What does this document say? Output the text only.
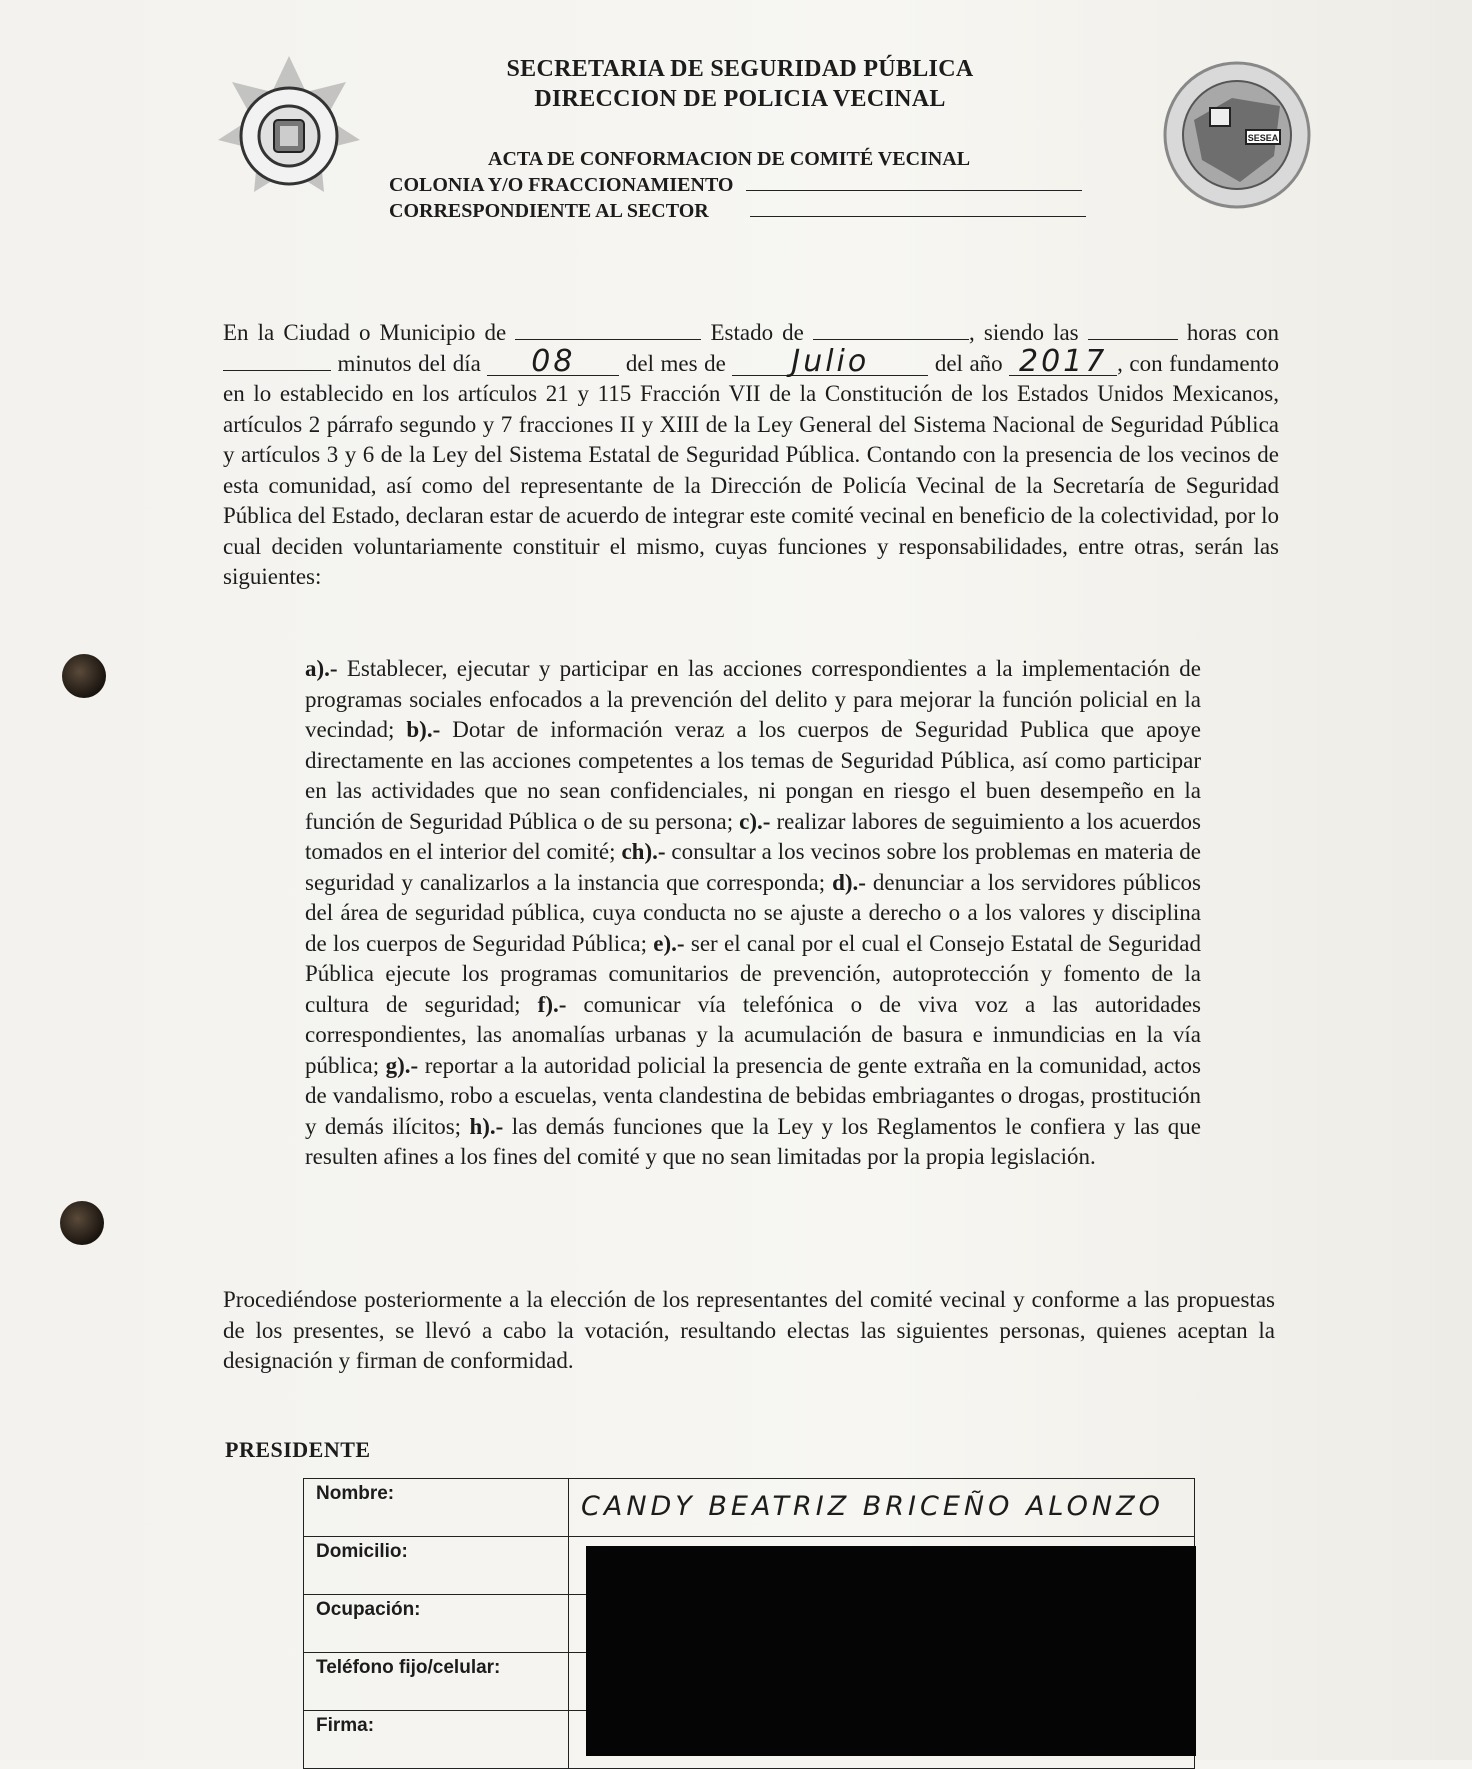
SESEA
SECRETARIA DE SEGURIDAD PÚBLICA
DIRECCION DE POLICIA VECINAL
ACTA DE CONFORMACION DE COMITÉ VECINAL
COLONIA Y/O FRACCIONAMIENTO
CORRESPONDIENTE AL SECTOR
En la Ciudad o Municipio de	Estado de	, siendo las	horas con  minutos del día 08 del mes de Julio	del año 2017 , con fundamento en lo establecido en los artículos 21 y 115 Fracción VII de la Constitución de los Estados Unidos Mexicanos, artículos 2 párrafo segundo y 7 fracciones II y XIII de la Ley General del Sistema Nacional de Seguridad Pública y artículos 3 y 6 de la Ley del Sistema Estatal de Seguridad Pública. Contando con la presencia de los vecinos de esta comunidad, así como del representante de la Dirección de Policía Vecinal de la Secretaría de Seguridad Pública del Estado, declaran estar de acuerdo de integrar este comité vecinal en beneficio de la colectividad, por lo cual deciden voluntariamente constituir el mismo, cuyas funciones y responsabilidades, entre otras, serán las siguientes:
a).- Establecer, ejecutar y participar en las acciones correspondientes a la implementación de programas sociales enfocados a la prevención del delito y para mejorar la función policial en la vecindad; b).- Dotar de información veraz a los cuerpos de Seguridad Publica que apoye directamente en las acciones competentes a los temas de Seguridad Pública, así como participar en las actividades que no sean confidenciales, ni pongan en riesgo el buen desempeño en la función de Seguridad Pública o de su persona; c).- realizar labores de seguimiento a los acuerdos tomados en el interior del comité; ch).- consultar a los vecinos sobre los problemas en materia de seguridad y canalizarlos a la instancia que corresponda; d).- denunciar a los servidores públicos del área de seguridad pública, cuya conducta no se ajuste a derecho o a los valores y disciplina de los cuerpos de Seguridad Pública; e).- ser el canal por el cual el Consejo Estatal de Seguridad Pública ejecute los programas comunitarios de prevención, autoprotección y fomento de la cultura de seguridad; f).- comunicar vía telefónica o de viva voz a las autoridades correspondientes, las anomalías urbanas y la acumulación de basura e inmundicias en la vía pública; g).- reportar a la autoridad policial la presencia de gente extraña en la comunidad, actos de vandalismo, robo a escuelas, venta clandestina de bebidas embriagantes o drogas, prostitución y demás ilícitos; h).- las demás funciones que la Ley y los Reglamentos le confiera y las que resulten afines a los fines del comité y que no sean limitadas por la propia legislación.
Procediéndose posteriormente a la elección de los representantes del comité vecinal y conforme a las propuestas de los presentes, se llevó a cabo la votación, resultando electas las siguientes personas, quienes aceptan la designación y firman de conformidad.
PRESIDENTE
Nombre:	CANDY BEATRIZ BRICEÑO ALONZO

Domicilio:	
Ocupación:	
Teléfono fijo/celular:	
Firma:	
